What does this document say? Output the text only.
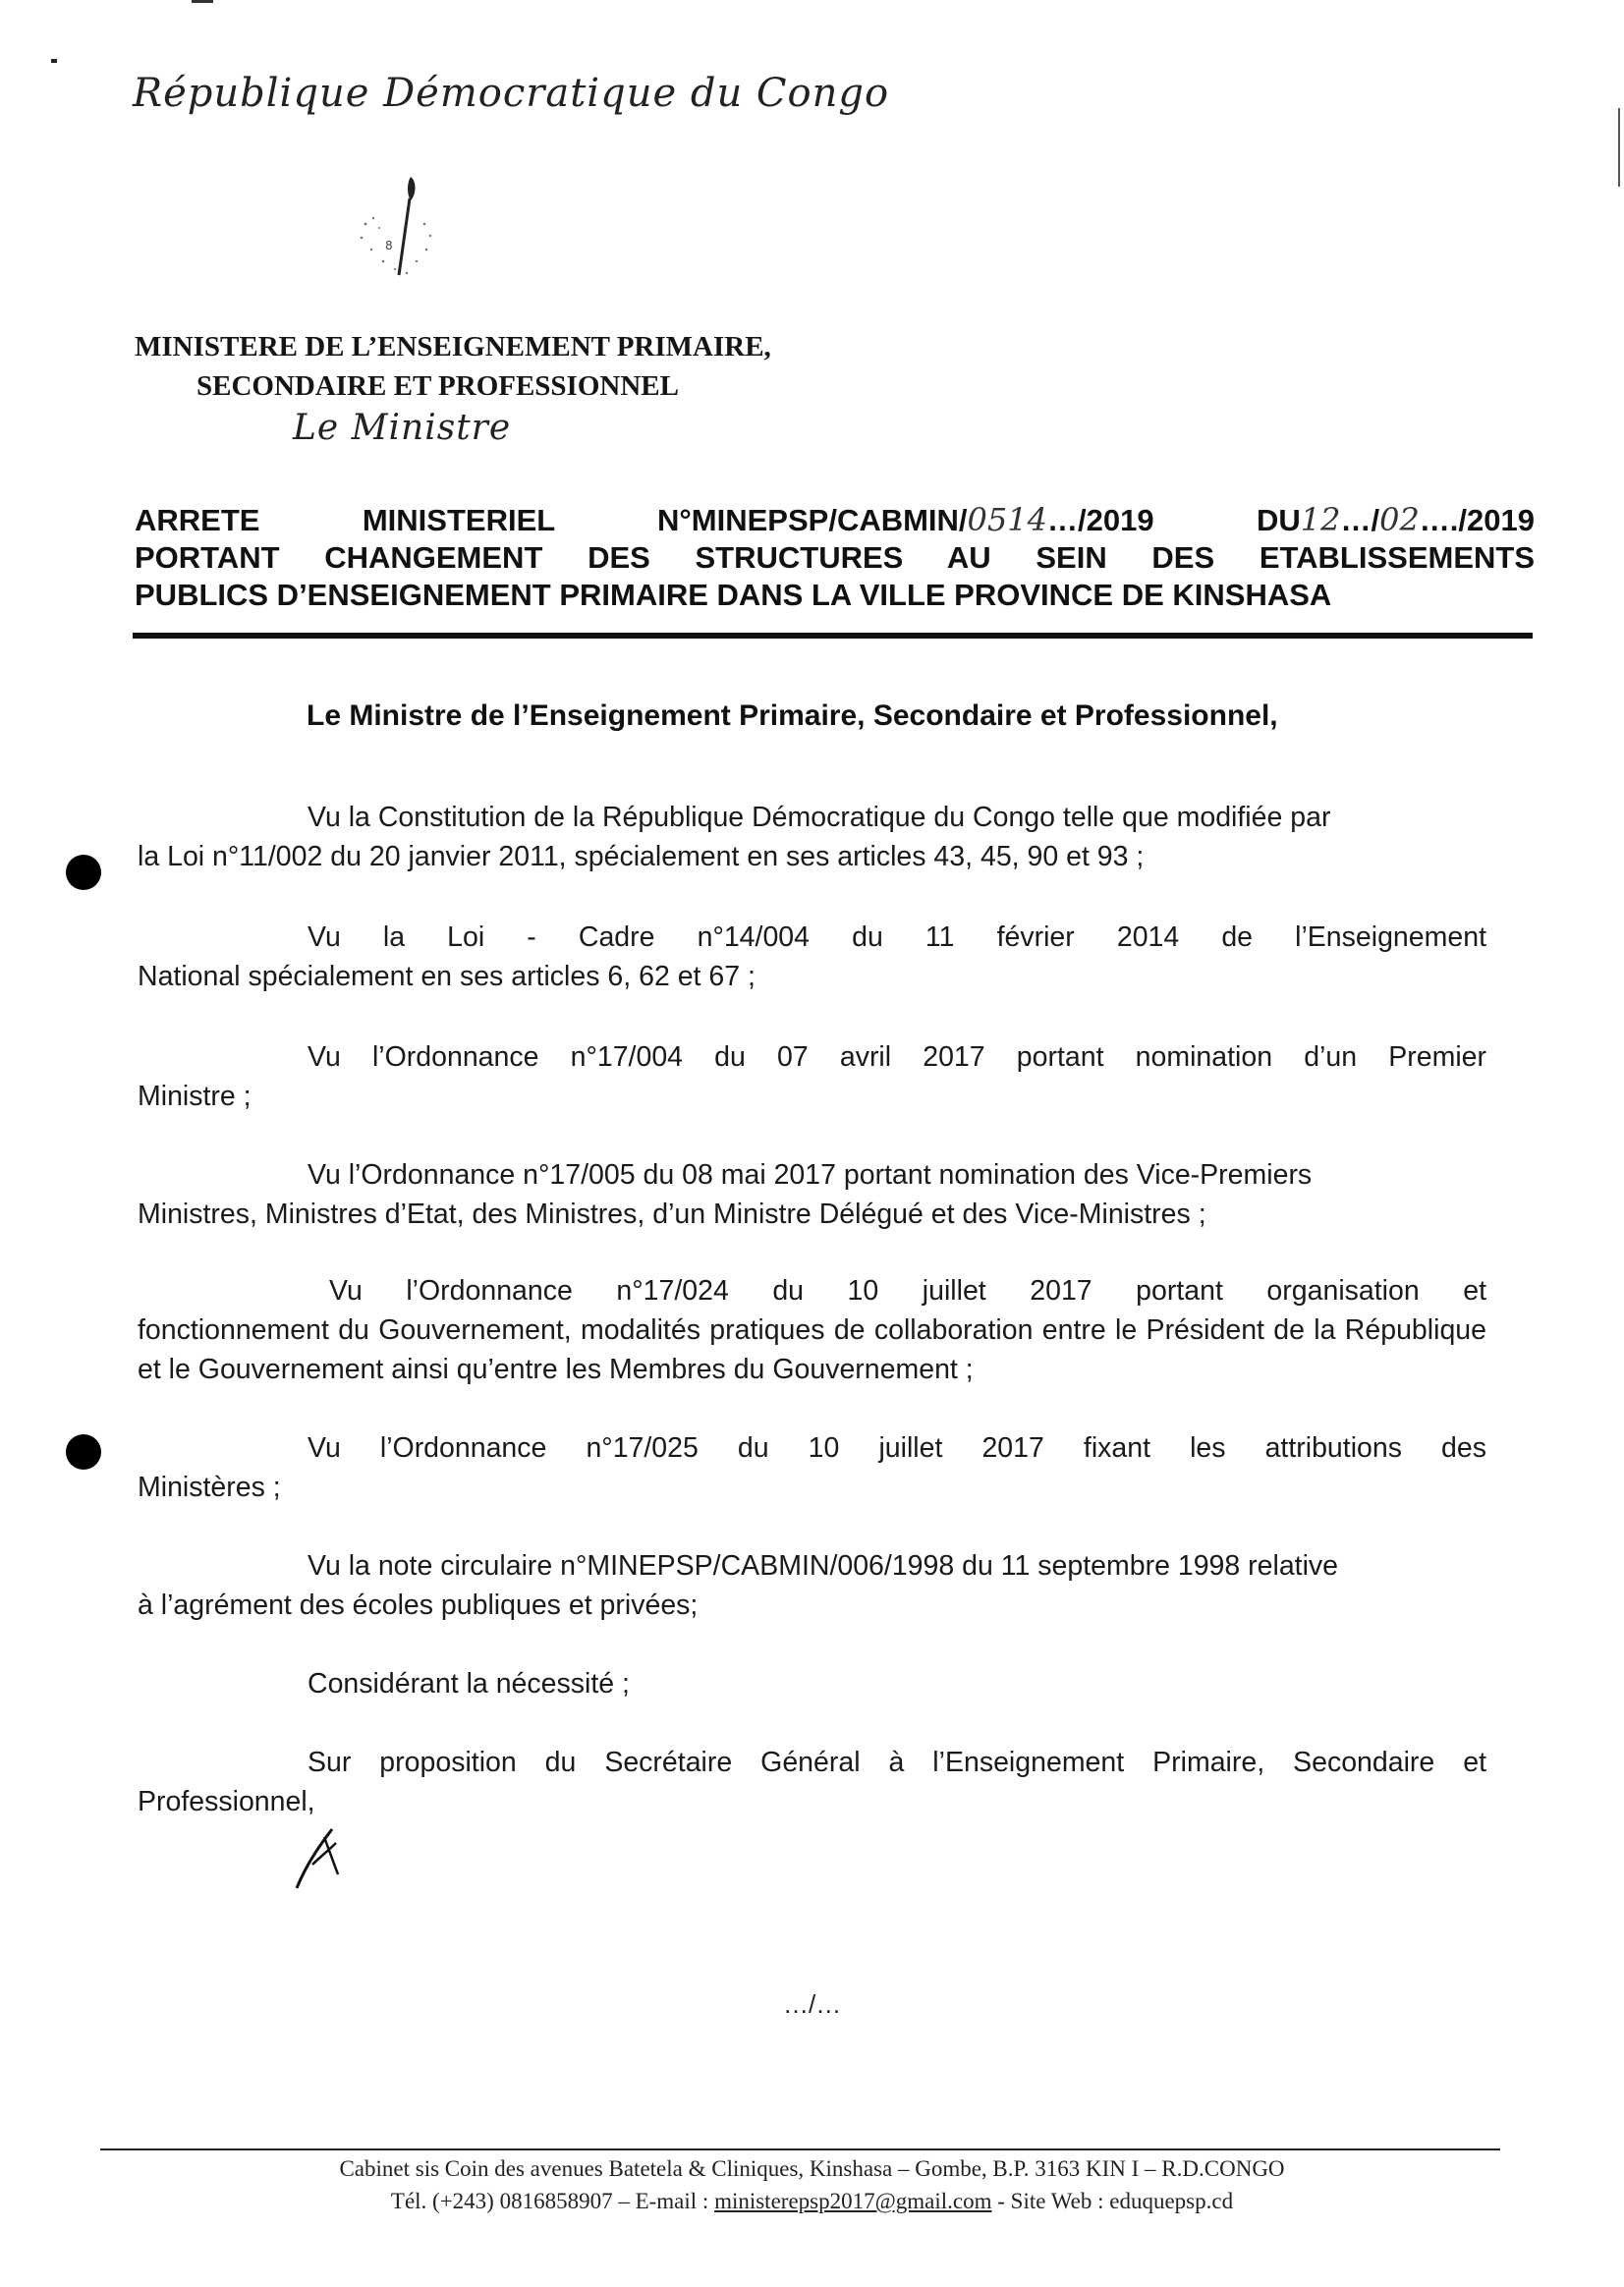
République Démocratique du Congo
8
MINISTERE DE L’ENSEIGNEMENT PRIMAIRE,
SECONDAIRE ET PROFESSIONNEL
Le Ministre
ARRETE MINISTERIEL N°MINEPSP/CABMIN/0514…/2019 DU12…/02…./2019
PORTANT CHANGEMENT DES STRUCTURES AU SEIN DES ETABLISSEMENTS
PUBLICS D’ENSEIGNEMENT PRIMAIRE DANS LA VILLE PROVINCE DE KINSHASA
Le Ministre de l’Enseignement Primaire, Secondaire et Professionnel,
Vu la Constitution de la République Démocratique du Congo telle que modifiée par
la Loi n°11/002 du 20 janvier 2011, spécialement en ses articles 43, 45, 90 et 93 ;
Vu la Loi - Cadre n°14/004 du 11 février 2014 de l’Enseignement
National spécialement en ses articles 6, 62 et 67 ;
Vu l’Ordonnance n°17/004 du 07 avril 2017 portant nomination d’un Premier
Ministre ;
Vu l’Ordonnance n°17/005 du 08 mai 2017 portant nomination des Vice-Premiers
Ministres, Ministres d’Etat, des Ministres, d’un Ministre Délégué et des Vice-Ministres ;
Vu l’Ordonnance n°17/024 du 10 juillet 2017 portant organisation et
fonctionnement du Gouvernement, modalités pratiques de collaboration entre le Président de la République et le Gouvernement ainsi qu’entre les Membres du Gouvernement ;
Vu l’Ordonnance n°17/025 du 10 juillet 2017 fixant les attributions des
Ministères ;
Vu la note circulaire n°MINEPSP/CABMIN/006/1998 du 11 septembre 1998 relative
à l’agrément des écoles publiques et privées;
Considérant la nécessité ;
Sur proposition du Secrétaire Général à l’Enseignement Primaire, Secondaire et
Professionnel,
…/…
Cabinet sis Coin des avenues Batetela & Cliniques, Kinshasa – Gombe, B.P. 3163 KIN I – R.D.CONGO
Tél. (+243) 0816858907 – E-mail : ministerepsp2017@gmail.com - Site Web : eduquepsp.cd
